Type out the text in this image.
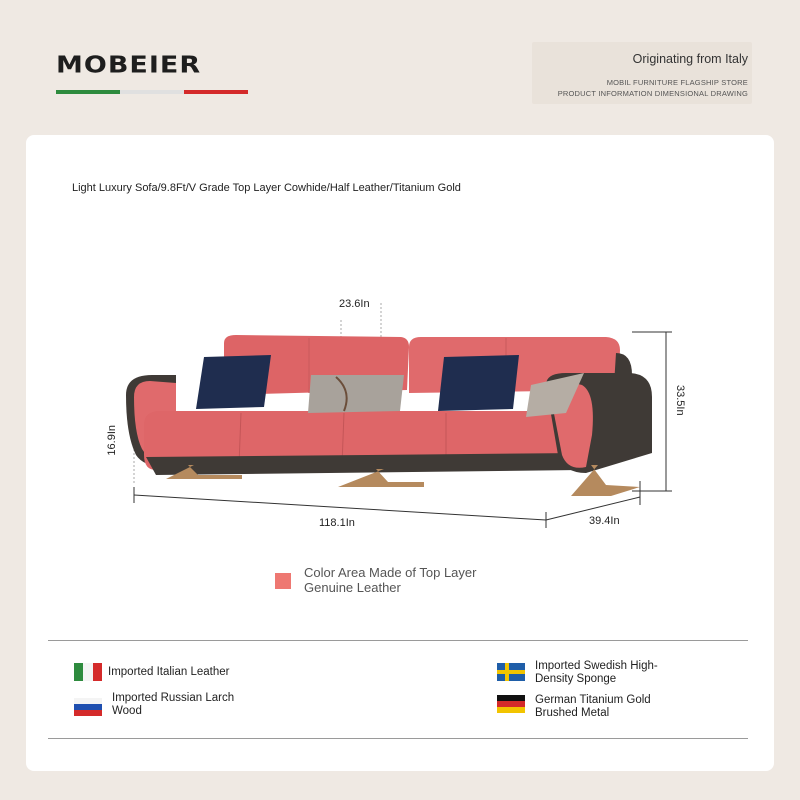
MOBEIER	Originating from Italy
MOBIL FURNITURE FLAGSHIP STORE
PRODUCT INFORMATION DIMENSIONAL DRAWING
Light Luxury Sofa/9.8Ft/V Grade Top Layer Cowhide/Half Leather/Titanium Gold
23.6In
33.5In
16.9In
118.1In	39.4In
Color Area Made of Top Layer Genuine Leather
Imported Italian Leather
Imported Russian Larch Wood
Imported Swedish High-Density Sponge
German Titanium Gold Brushed Metal
